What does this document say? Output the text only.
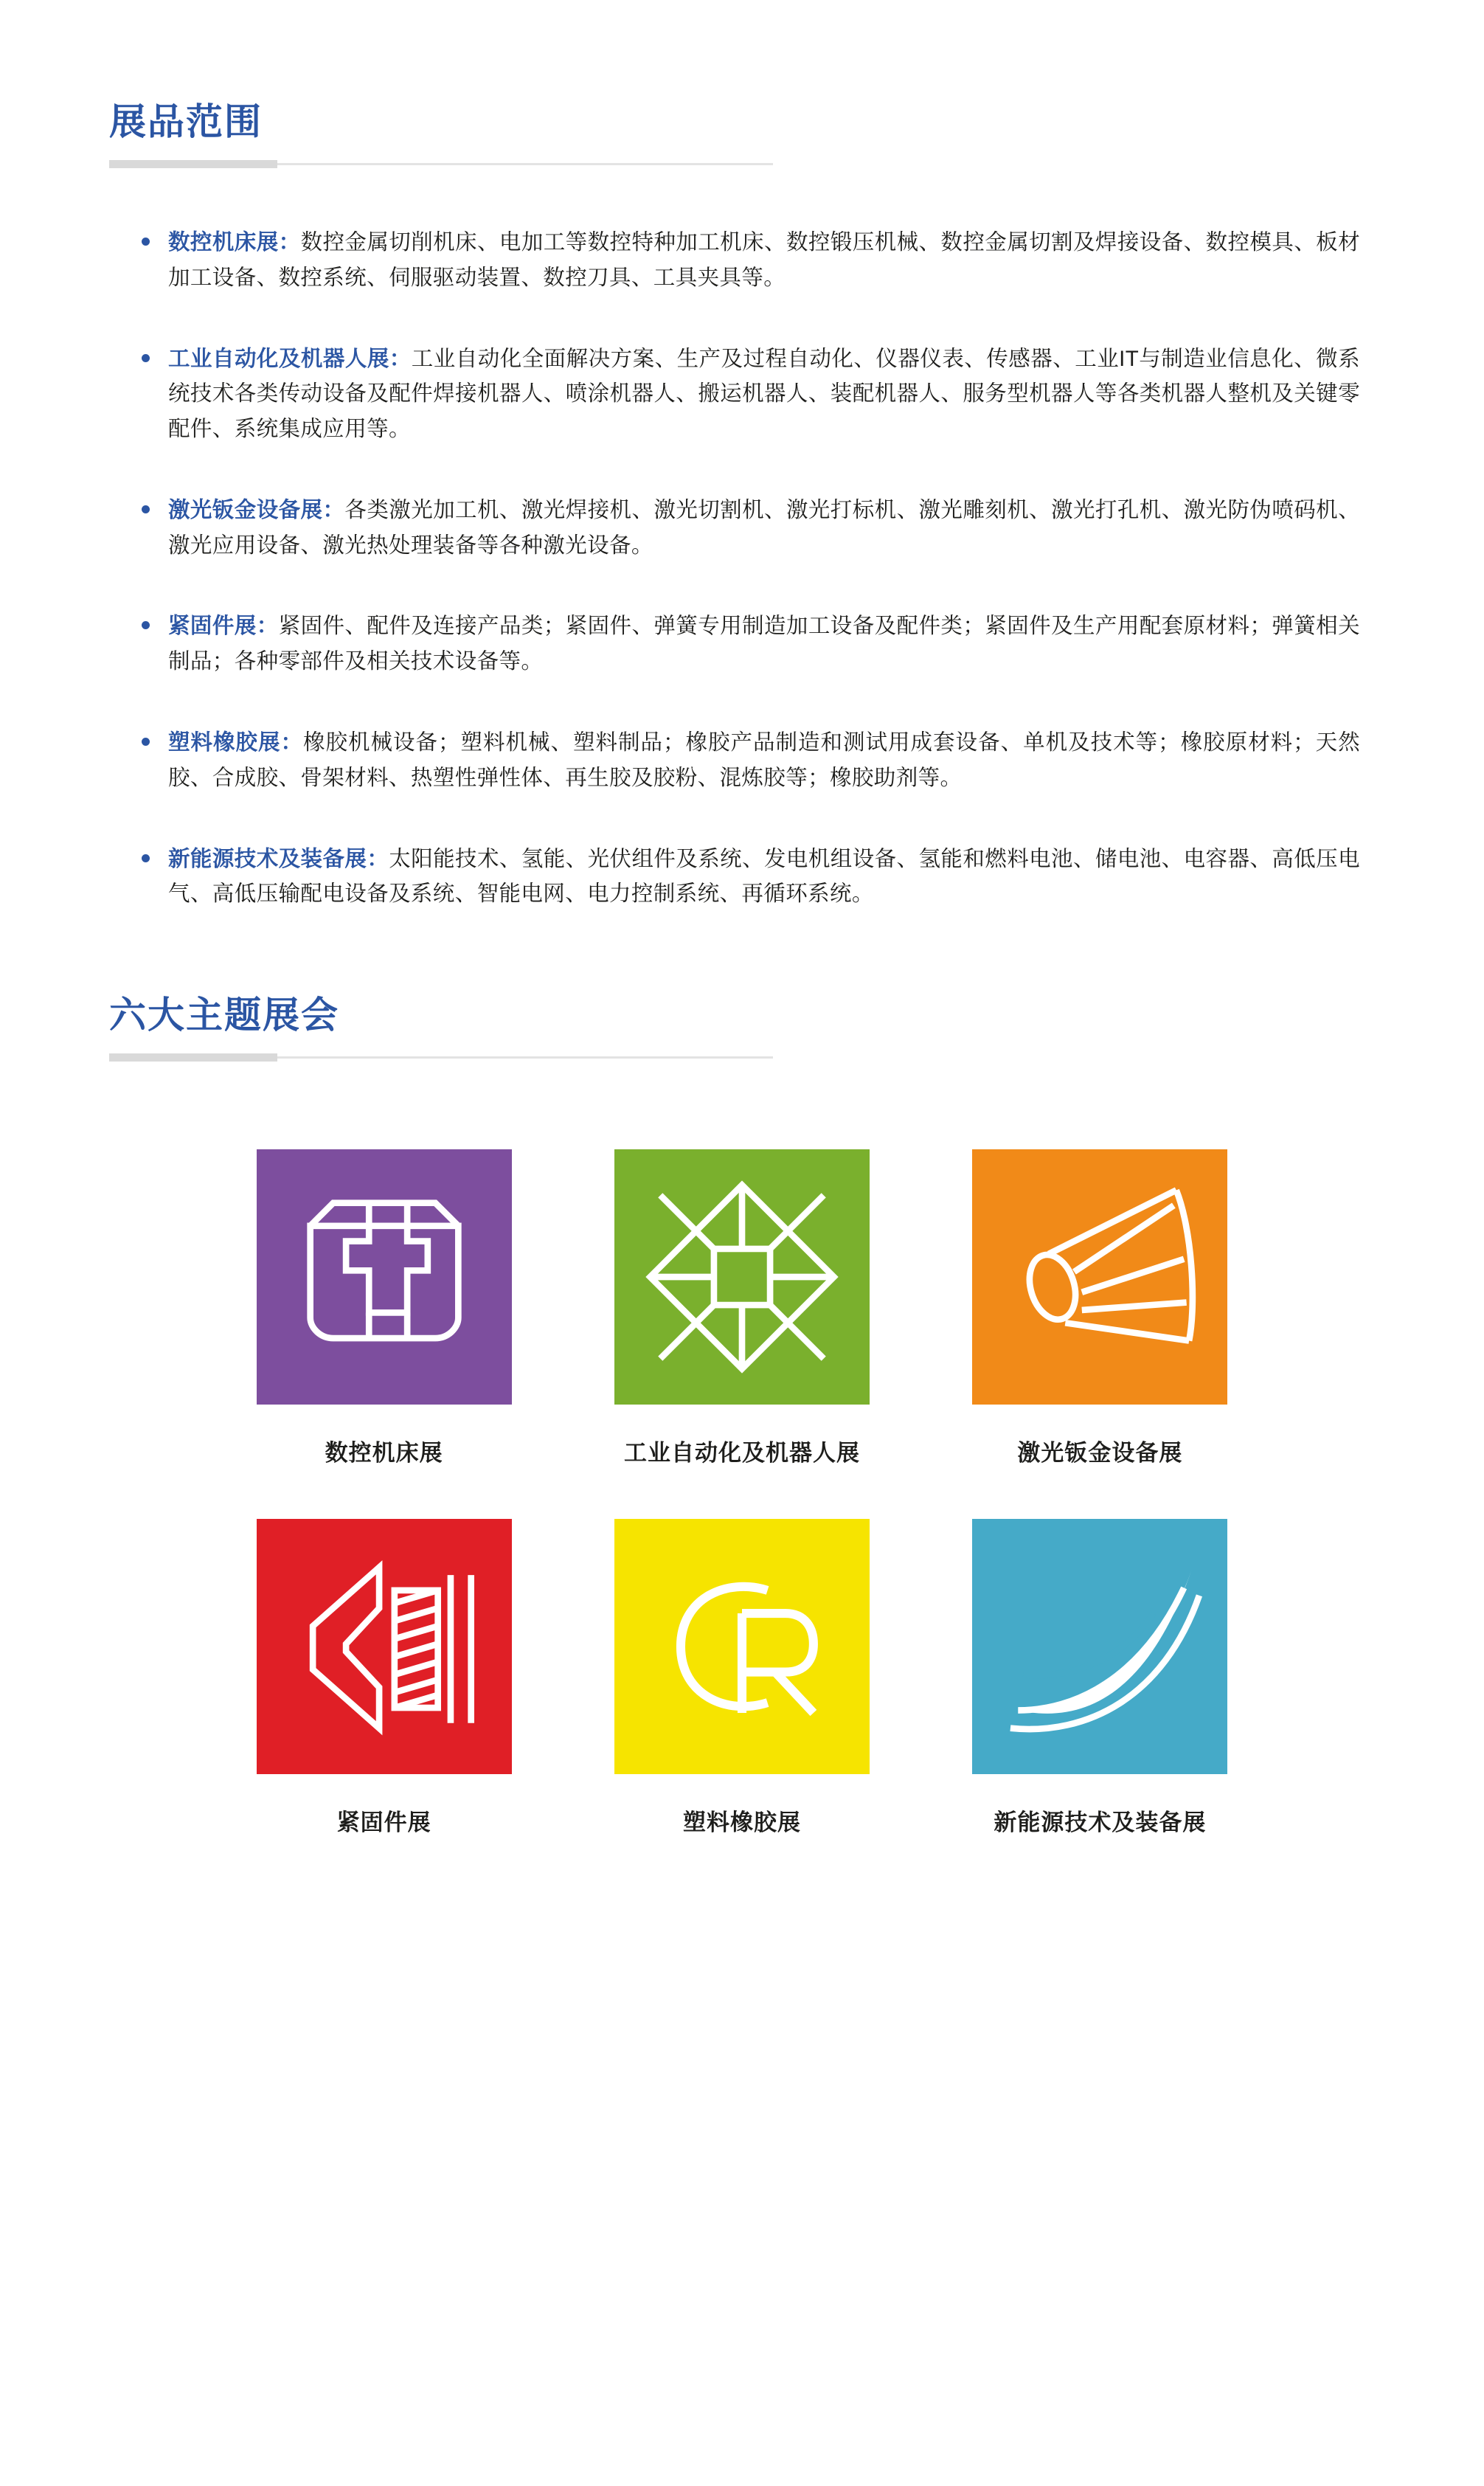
展品范围
数控机床展：数控金属切削机床、电加工等数控特种加工机床、数控锻压机械、数控金属切割及焊接设备、数控模具、板材加工设备、数控系统、伺服驱动装置、数控刀具、工具夹具等。
工业自动化及机器人展：工业自动化全面解决方案、生产及过程自动化、仪器仪表、传感器、工业IT与制造业信息化、微系统技术各类传动设备及配件焊接机器人、喷涂机器人、搬运机器人、装配机器人、服务型机器人等各类机器人整机及关键零配件、系统集成应用等。
激光钣金设备展：各类激光加工机、激光焊接机、激光切割机、激光打标机、激光雕刻机、激光打孔机、激光防伪喷码机、激光应用设备、激光热处理装备等各种激光设备。
紧固件展：紧固件、配件及连接产品类；紧固件、弹簧专用制造加工设备及配件类；紧固件及生产用配套原材料；弹簧相关制品；各种零部件及相关技术设备等。
塑料橡胶展：橡胶机械设备；塑料机械、塑料制品；橡胶产品制造和测试用成套设备、单机及技术等；橡胶原材料；天然胶、合成胶、骨架材料、热塑性弹性体、再生胶及胶粉、混炼胶等；橡胶助剂等。
新能源技术及装备展：太阳能技术、氢能、光伏组件及系统、发电机组设备、氢能和燃料电池、储电池、电容器、高低压电气、高低压输配电设备及系统、智能电网、电力控制系统、再循环系统。
六大主题展会
数控机床展	工业自动化及机器人展	激光钣金设备展
紧固件展	塑料橡胶展	新能源技术及装备展
